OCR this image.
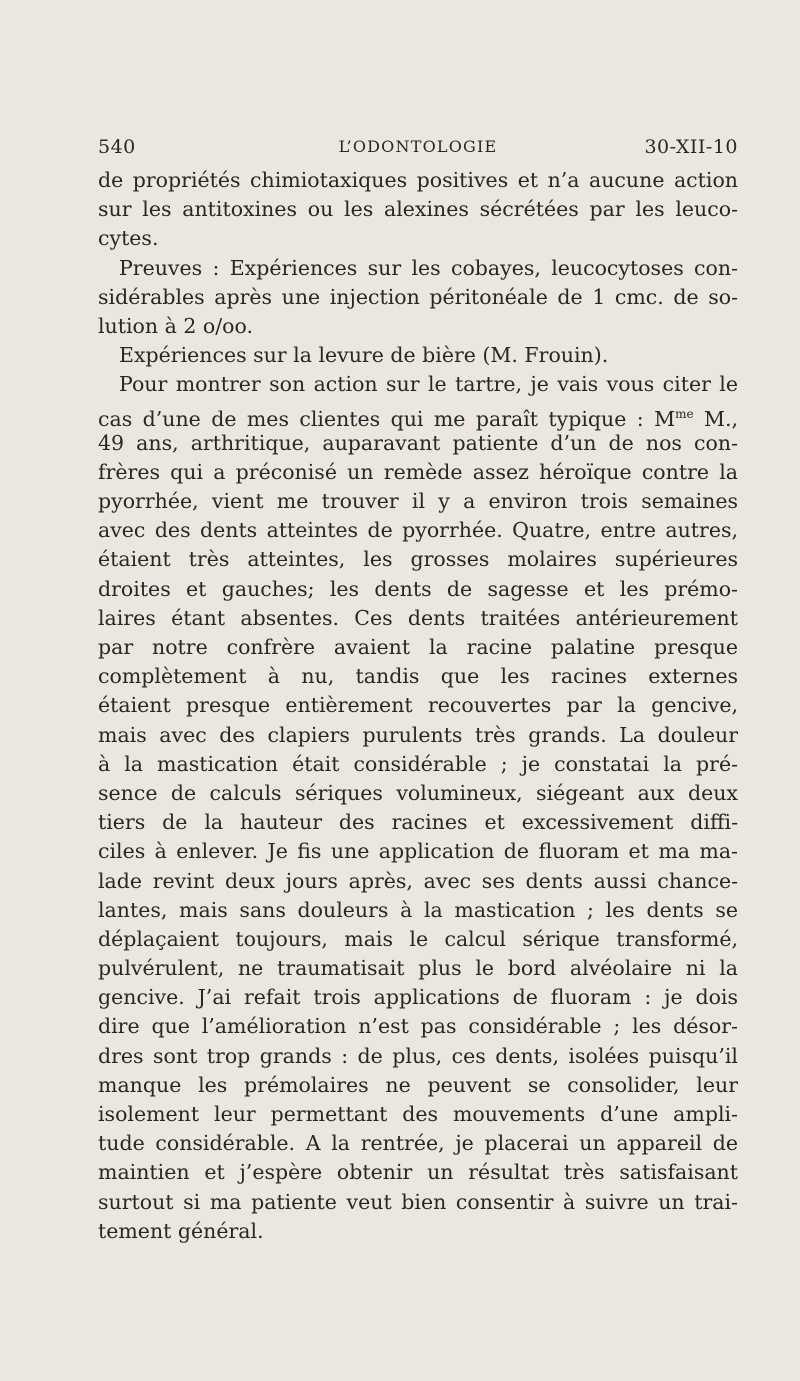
540	L’ODONTOLOGIE	30-XII-10
de propriétés chimiotaxiques positives et n’a aucune action
sur les antitoxines ou les alexines sécrétées par les leuco-
cytes.
Preuves : Expériences sur les cobayes, leucocytoses con-
sidérables après une injection péritonéale de 1 cmc. de so-
lution à 2 o/oo.
Expériences sur la levure de bière (M. Frouin).
Pour montrer son action sur le tartre, je vais vous citer le
cas d’une de mes clientes qui me paraît typique : $M^{me}$ M.,
49 ans, arthritique, auparavant patiente d’un de nos con-
frères qui a préconisé un remède assez héroïque contre la
pyorrhée, vient me trouver il y a environ trois semaines
avec des dents atteintes de pyorrhée. Quatre, entre autres,
étaient très atteintes, les grosses molaires supérieures
droites et gauches; les dents de sagesse et les prémo-
laires étant absentes. Ces dents traitées antérieurement
par notre confrère avaient la racine palatine presque
complètement à nu, tandis que les racines externes
étaient presque entièrement recouvertes par la gencive,
mais avec des clapiers purulents très grands. La douleur
à la mastication était considérable ; je constatai la pré-
sence de calculs sériques volumineux, siégeant aux deux
tiers de la hauteur des racines et excessivement diffi-
ciles à enlever. Je fis une application de fluoram et ma ma-
lade revint deux jours après, avec ses dents aussi chance-
lantes, mais sans douleurs à la mastication ; les dents se
déplaçaient toujours, mais le calcul sérique transformé,
pulvérulent, ne traumatisait plus le bord alvéolaire ni la
gencive. J’ai refait trois applications de fluoram : je dois
dire que l’amélioration n’est pas considérable ; les désor-
dres sont trop grands : de plus, ces dents, isolées puisqu’il
manque les prémolaires ne peuvent se consolider, leur
isolement leur permettant des mouvements d’une ampli-
tude considérable. A la rentrée, je placerai un appareil de
maintien et j’espère obtenir un résultat très satisfaisant
surtout si ma patiente veut bien consentir à suivre un trai-
tement général.
